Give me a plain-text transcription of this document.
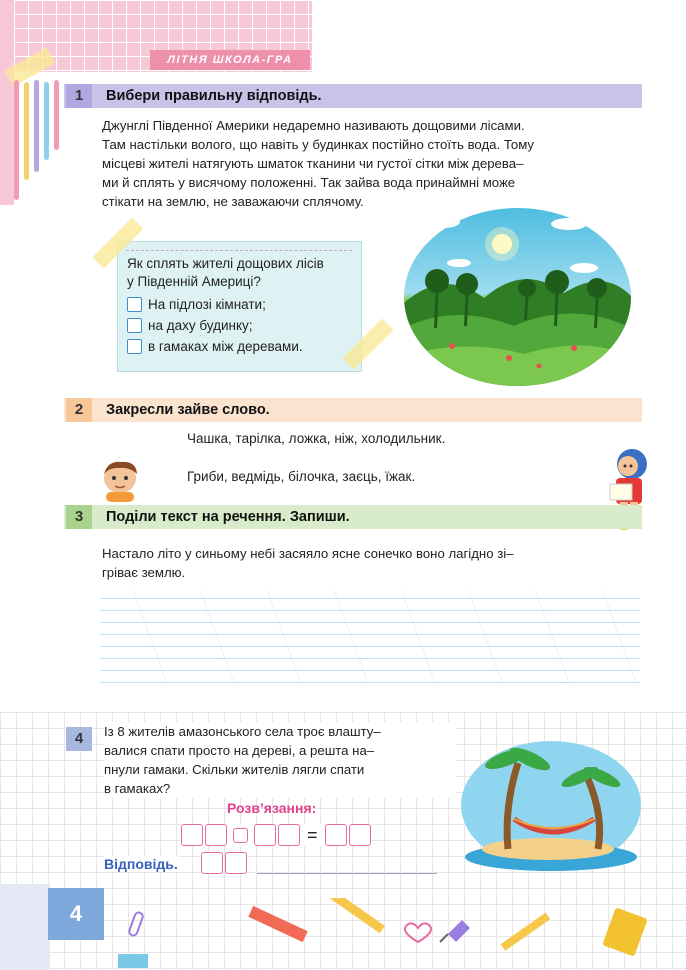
ЛІТНЯ ШКОЛА-ГРА
1	Вибери правильну відповідь.
Джунглі Південної Америки недаремно називають дощовими лісами.
Там настільки волого, що навіть у будинках постійно стоїть вода. Тому
місцеві жителі натягують шматок тканини чи густої сітки між дерева–
ми й сплять у висячому положенні. Так зайва вода принаймні може
стікати на землю, не заважаючи сплячому.
Як сплять жителі дощових лісів
у Південній Америці?
На підлозі кімнати;
на даху будинку;
в гамаках між деревами.
2	Закресли зайве слово.
Чашка, тарілка, ложка, ніж, холодильник.
Гриби, ведмідь, білочка, заєць, їжак.
3	Поділи текст на речення. Запиши.
Настало літо у синьому небі засяяло ясне сонечко воно лагідно зі–
грiває землю.
4	Із 8 жителів амазонського села троє влашту–
валися спати просто на дереві, а решта на–
пнули гамаки. Скільки жителів лягли спати
в гамаках?
Розв’язання:
=
Відповідь.
4
